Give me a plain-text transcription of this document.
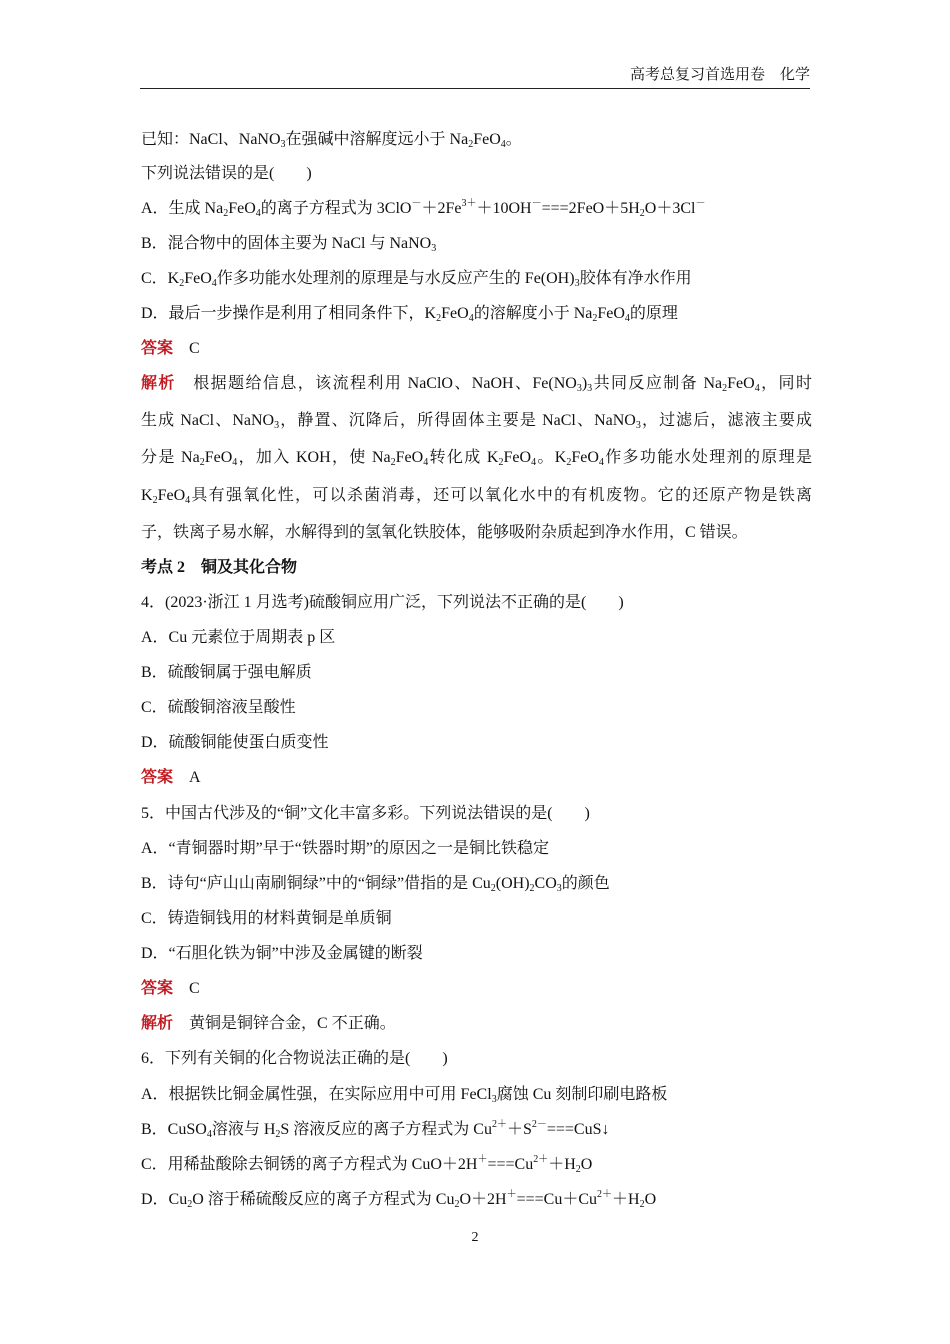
高考总复习首选用卷　化学
已知：NaCl、NaNO$_3$在强碱中溶解度远小于 $Na_2FeO_4$。
下列说法错误的是(　　)
A．生成 $Na_2FeO_4$的离子方程式为 $3ClO^-+2Fe^{3+}+10OH^-===2FeO+5H_2O+3Cl^-$
B．混合物中的固体主要为 NaCl 与 NaNO$_3$
C．$K_2FeO_4$作多功能水处理剂的原理是与水反应产生的 $Fe(OH)_3$胶体有净水作用
D．最后一步操作是利用了相同条件下，$K_2FeO_4$的溶解度小于 $Na_2FeO_4$的原理
答案　C
解析　根据题给信息，该流程利用 NaClO、NaOH、$Fe(NO_3)_3$共同反应制备 $Na_2FeO_4$，同时
生成 NaCl、NaNO$_3$，静置、沉降后，所得固体主要是 NaCl、NaNO$_3$，过滤后，滤液主要成
分是 $Na_2FeO_4$，加入 KOH，使 $Na_2FeO_4$转化成 $K_2FeO_4$。$K_2FeO_4$作多功能水处理剂的原理是
$K_2FeO_4$具有强氧化性，可以杀菌消毒，还可以氧化水中的有机废物。它的还原产物是铁离
子，铁离子易水解，水解得到的氢氧化铁胶体，能够吸附杂质起到净水作用，C 错误。
考点 2　铜及其化合物
4．(2023·浙江 1 月选考)硫酸铜应用广泛，下列说法不正确的是(　　)
A．Cu 元素位于周期表 p 区
B．硫酸铜属于强电解质
C．硫酸铜溶液呈酸性
D．硫酸铜能使蛋白质变性
答案　A
5．中国古代涉及的“铜”文化丰富多彩。下列说法错误的是(　　)
A．“青铜器时期”早于“铁器时期”的原因之一是铜比铁稳定
B．诗句“庐山山南刷铜绿”中的“铜绿”借指的是 $Cu_2(OH)_2CO_3$的颜色
C．铸造铜钱用的材料黄铜是单质铜
D．“石胆化铁为铜”中涉及金属键的断裂
答案　C
解析　黄铜是铜锌合金，C 不正确。
6．下列有关铜的化合物说法正确的是(　　)
A．根据铁比铜金属性强，在实际应用中可用 FeCl$_3$腐蚀 Cu 刻制印刷电路板
B．CuSO$_4$溶液与 $H_2S$ 溶液反应的离子方程式为 $Cu^{2+}+S^{2-}===CuS↓$
C．用稀盐酸除去铜锈的离子方程式为 $CuO+2H^+===Cu^{2+}+H_2O$
D．$Cu_2O$ 溶于稀硫酸反应的离子方程式为 $Cu_2O+2H^+===Cu+Cu^{2+}+H_2O$
2
